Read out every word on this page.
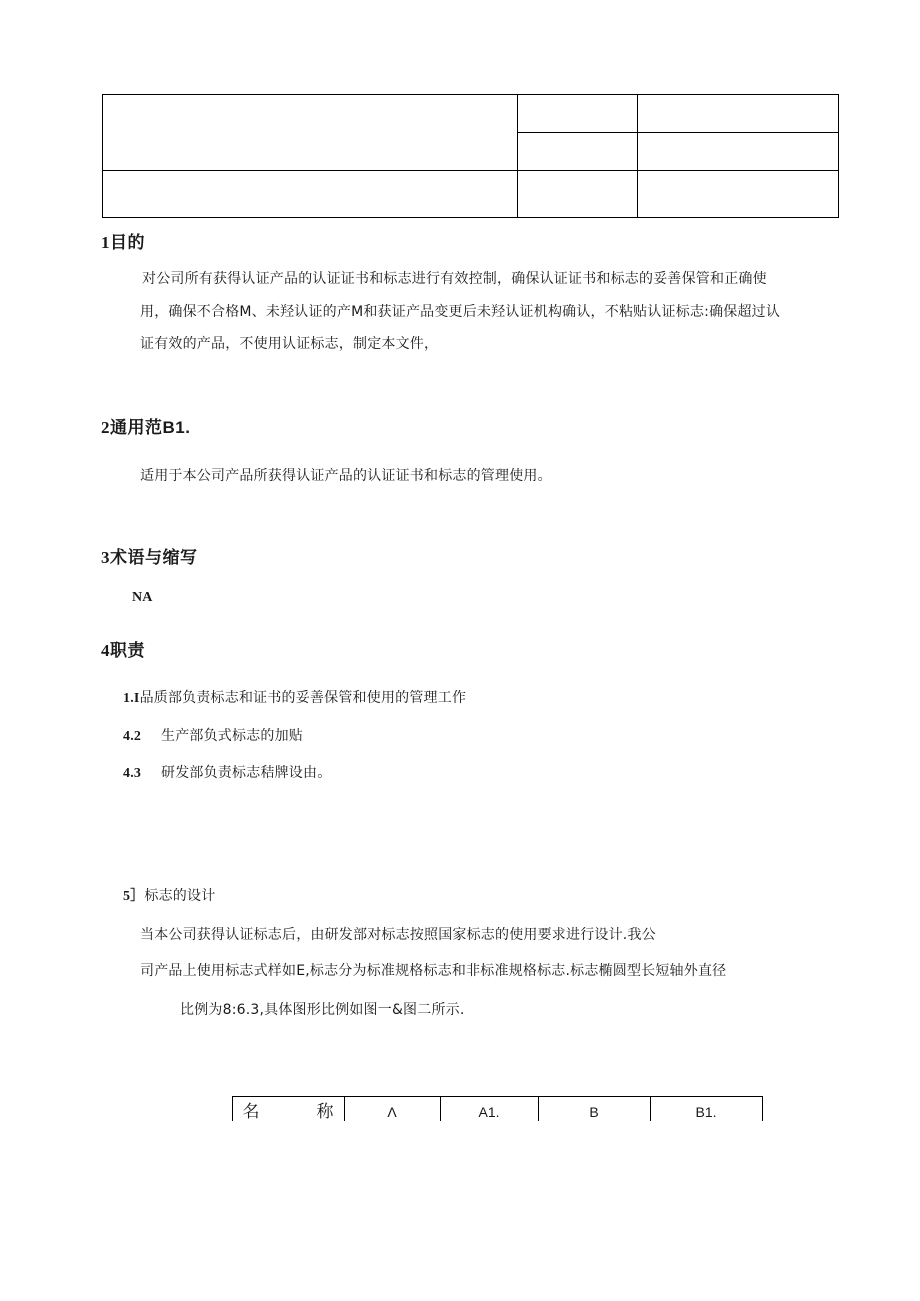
1目的
对公司所有获得认证产品的认证证书和标志进行有效控制，确保认证证书和标志的妥善保管和正确使
用，确保不合格M、未羟认证的产M和获证产品变更后未羟认证机构确认，不粘贴认证标志:确保超过认
证有效的产品，不使用认证标志，制定本文件，
2通用范B1.
适用于本公司产品所获得认证产品的认证证书和标志的管理使用。
3术语与缩写
NA
4职责
1.I品质部负责标志和证书的妥善保管和使用的管理工作
4.2 生产部负式标志的加贴
4.3 研发部负责标志秸牌设由。
5］标志的设计
当本公司获得认证标志后，由研发部对标志按照国家标志的使用要求进行设计.我公
司产品上使用标志式样如E,标志分为标准规格标志和非标准规格标志.标志椭圆型长短轴外直径
比例为8:6.3,具体图形比例如图一&图二所示.
名	称	Λ	A1.	B	B1.
